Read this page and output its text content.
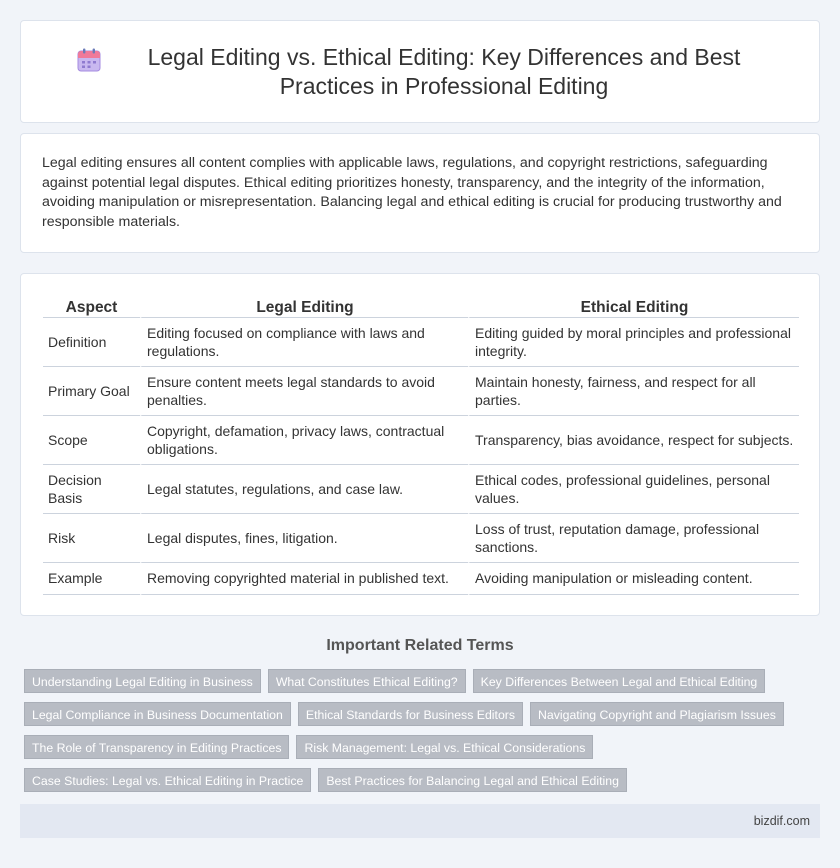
Legal Editing vs. Ethical Editing: Key Differences and Best Practices in Professional Editing

Legal editing ensures all content complies with applicable laws, regulations, and copyright restrictions, safeguarding against potential legal disputes. Ethical editing prioritizes honesty, transparency, and the integrity of the information, avoiding manipulation or misrepresentation. Balancing legal and ethical editing is crucial for producing trustworthy and responsible materials.

Aspect	Legal Editing	Ethical Editing
Definition	Editing focused on compliance with laws and regulations.	Editing guided by moral principles and professional integrity.
Primary Goal	Ensure content meets legal standards to avoid penalties.	Maintain honesty, fairness, and respect for all parties.
Scope	Copyright, defamation, privacy laws, contractual obligations.	Transparency, bias avoidance, respect for subjects.
Decision Basis	Legal statutes, regulations, and case law.	Ethical codes, professional guidelines, personal values.
Risk	Legal disputes, fines, litigation.	Loss of trust, reputation damage, professional sanctions.
Example	Removing copyrighted material in published text.	Avoiding manipulation or misleading content.
Important Related Terms
Understanding Legal Editing in Business	What Constitutes Ethical Editing?	Key Differences Between Legal and Ethical Editing
Legal Compliance in Business Documentation	Ethical Standards for Business Editors	Navigating Copyright and Plagiarism Issues
The Role of Transparency in Editing Practices	Risk Management: Legal vs. Ethical Considerations
Case Studies: Legal vs. Ethical Editing in Practice	Best Practices for Balancing Legal and Ethical Editing
bizdif.com
